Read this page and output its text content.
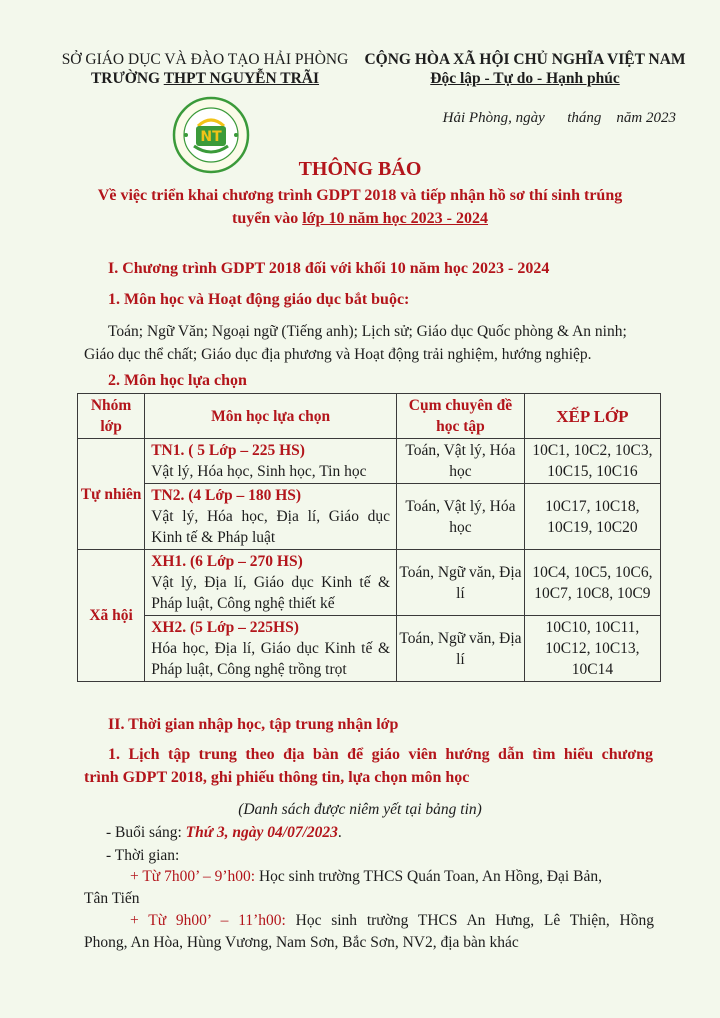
SỞ GIÁO DỤC VÀ ĐÀO TẠO HẢI PHÒNG
TRƯỜNG THPT NGUYỄN TRÃI
CỘNG HÒA XÃ HỘI CHỦ NGHĨA VIỆT NAM
Độc lập - Tự do - Hạnh phúc
NT
Hải Phòng, ngày      tháng    năm 2023
THÔNG BÁO
Về việc triển khai chương trình GDPT 2018 và tiếp nhận hồ sơ thí sinh trúng
tuyển vào lớp 10 năm học 2023 - 2024
I. Chương trình GDPT 2018 đối với khối 10 năm học 2023 - 2024
1. Môn học và Hoạt động giáo dục bắt buộc:
Toán; Ngữ Văn; Ngoại ngữ (Tiếng anh); Lịch sử; Giáo dục Quốc phòng & An ninh;
Giáo dục thể chất; Giáo dục địa phương và Hoạt động trải nghiệm, hướng nghiệp.
2. Môn học lựa chọn
Nhóm lớp	Môn học lựa chọn	Cụm chuyên đề học tập	XẾP LỚP
Tự nhiên	TN1. ( 5 Lớp – 225 HS)
Vật lý, Hóa học, Sinh học, Tin học	Toán, Vật lý, Hóa học	10C1, 10C2, 10C3, 10C15, 10C16

	TN2. (4 Lớp – 180 HS)
Vật lý, Hóa học, Địa lí, Giáo dục Kinh tế & Pháp luật	Toán, Vật lý, Hóa học	10C17, 10C18, 10C19, 10C20
Xã hội	XH1. (6 Lớp – 270 HS)
Vật lý, Địa lí, Giáo dục Kinh tế & Pháp luật, Công nghệ thiết kế	Toán, Ngữ văn, Địa lí	10C4, 10C5, 10C6, 10C7, 10C8, 10C9

	XH2. (5 Lớp – 225HS)
Hóa học, Địa lí, Giáo dục Kinh tế & Pháp luật, Công nghệ trồng trọt	Toán, Ngữ văn, Địa lí	10C10, 10C11, 10C12, 10C13, 10C14
II. Thời gian nhập học, tập trung nhận lớp
1. Lịch tập trung theo địa bàn để giáo viên hướng dẫn tìm hiểu chương
trình GDPT 2018, ghi phiếu thông tin, lựa chọn môn học
(Danh sách được niêm yết tại bảng tin)
- Buổi sáng: Thứ 3, ngày 04/07/2023.
- Thời gian:
+ Từ 7h00’ – 9’h00: Học sinh trường THCS Quán Toan, An Hồng, Đại Bản,
Tân Tiến
+ Từ 9h00’ – 11’h00: Học sinh trường THCS An Hưng, Lê Thiện, Hồng
Phong, An Hòa, Hùng Vương, Nam Sơn, Bắc Sơn, NV2, địa bàn khác
